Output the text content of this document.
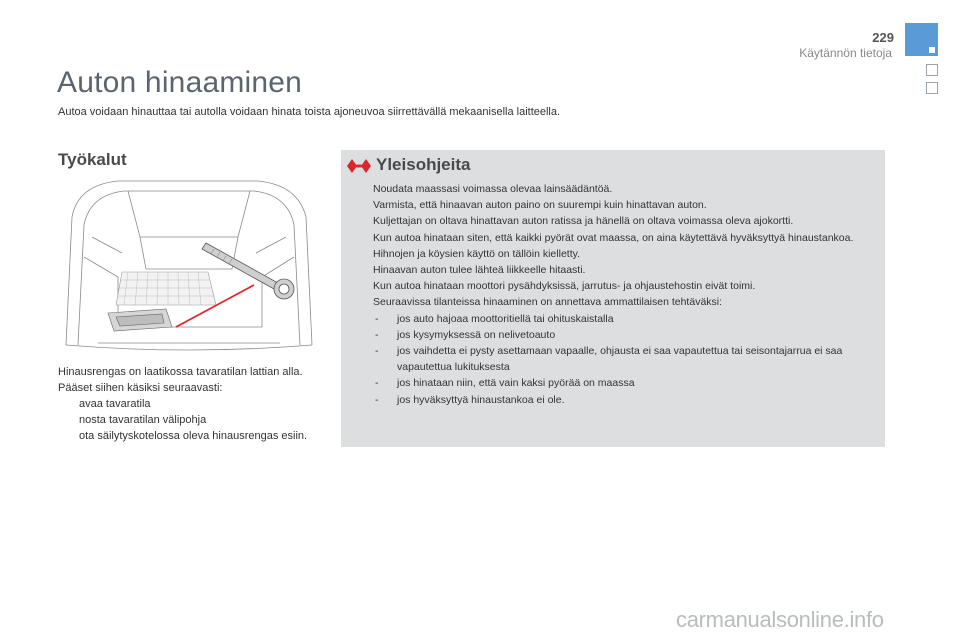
229
Käytännön tietoja
Auton hinaaminen

Autoa voidaan hinauttaa tai autolla voidaan hinata toista ajoneuvoa siirrettävällä mekaanisella laitteella.

Työkalut

Hinausrengas on laatikossa tavaratilan lattian alla.

Pääset siihen käsiksi seuraavasti:

avaa tavaratila
nosta tavaratilan välipohja
ota säilytyskotelossa oleva hinausrengas esiin.
Yleisohjeita

Noudata maassasi voimassa olevaa lainsäädäntöä.

Varmista, että hinaavan auton paino on suurempi kuin hinattavan auton.

Kuljettajan on oltava hinattavan auton ratissa ja hänellä on oltava voimassa oleva ajokortti.

Kun autoa hinataan siten, että kaikki pyörät ovat maassa, on aina käytettävä hyväksyttyä hinaustankoa. Hihnojen ja köysien käyttö on tällöin kielletty.

Hinaavan auton tulee lähteä liikkeelle hitaasti.

Kun autoa hinataan moottori pysähdyksissä, jarrutus- ja ohjaustehostin eivät toimi.

Seuraavissa tilanteissa hinaaminen on annettava ammattilaisen tehtäväksi:

- jos auto hajoaa moottoritiellä tai ohituskaistalla
- jos kysymyksessä on nelivetoauto
- jos vaihdetta ei pysty asettamaan vapaalle, ohjausta ei saa vapautettua tai seisontajarrua ei saa vapautettua lukituksesta
- jos hinataan niin, että vain kaksi pyörää on maassa
- jos hyväksyttyä hinaustankoa ei ole.
carmanualsonline.info
